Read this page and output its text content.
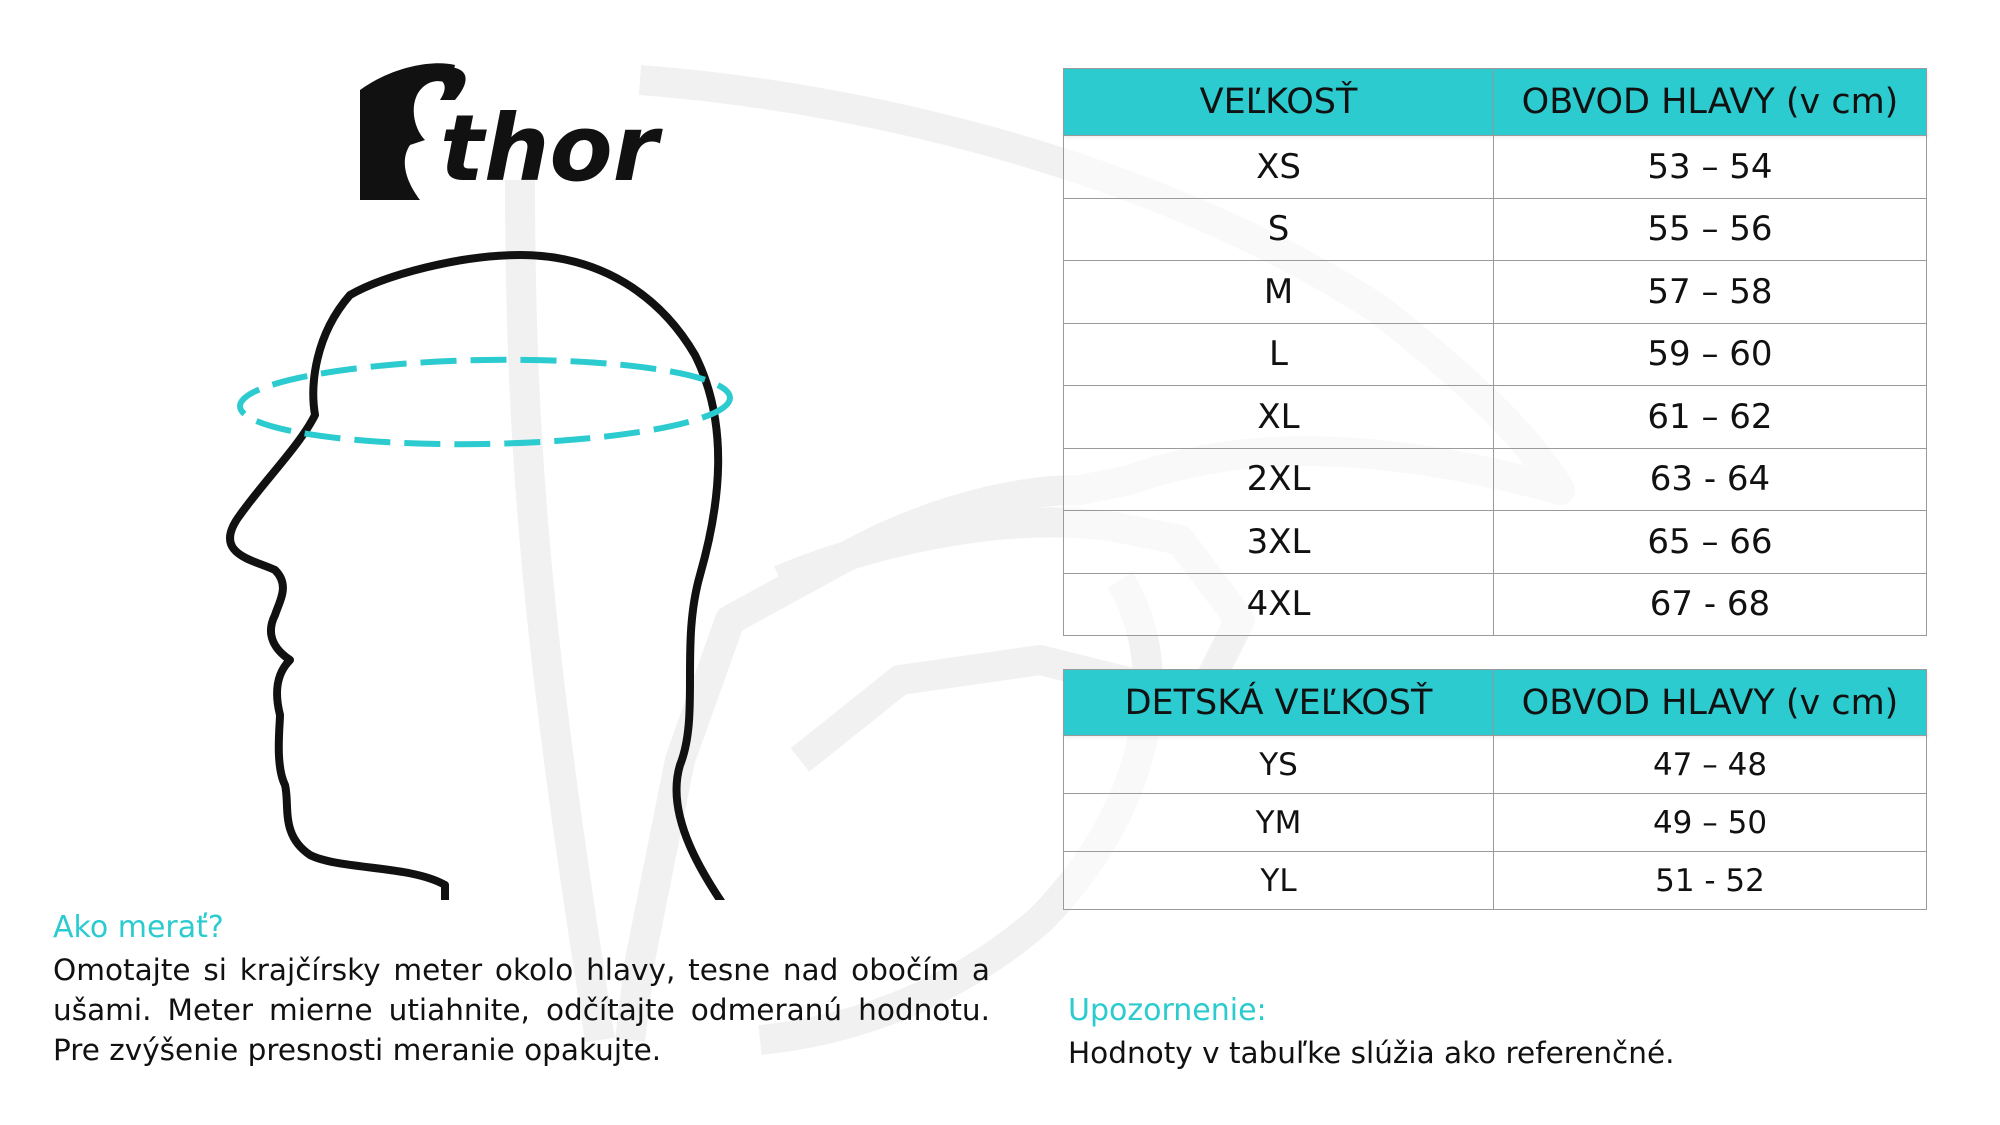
thor	VEĽKOSŤ	OBVOD HLAVY (v cm)
XS	53 – 54
S	55 – 56
M	57 – 58
L	59 – 60
XL	61 – 62
2XL	63 - 64
3XL	65 – 66
4XL	67 - 68
DETSKÁ VEĽKOSŤ	OBVOD HLAVY (v cm)
YS	47 – 48
YM	49 – 50
YL	51 - 52
Ako merať?
Omotajte si krajčírsky meter okolo hlavy, tesne nad obočím a ušami. Meter mierne utiahnite, odčítajte odmeranú hodnotu. Pre zvýšenie presnosti meranie opakujte.
Upozornenie:
Hodnoty v tabuľke slúžia ako referenčné.
